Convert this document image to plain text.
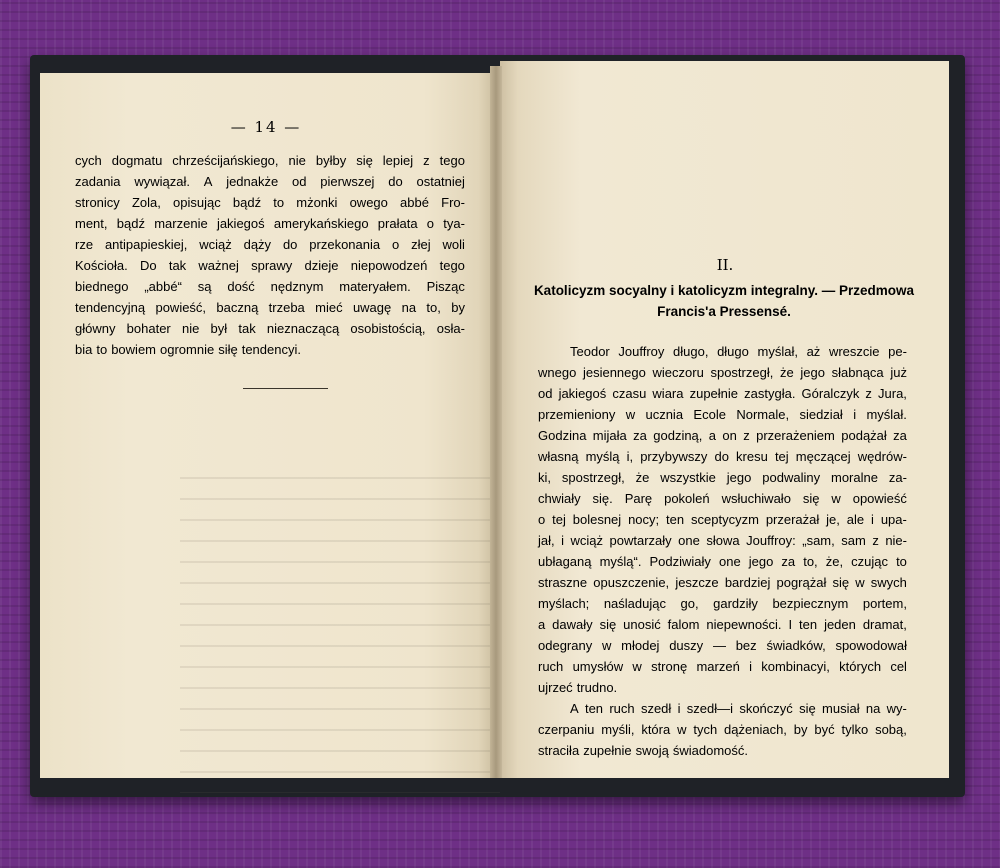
— 14 —
cych dogmatu chrześcijańskiego, nie byłby się lepiej z tego
zadania wywiązał. A jednakże od pierwszej do ostatniej
stronicy Zola, opisując bądź to mżonki owego abbé Fro-
ment, bądź marzenie jakiegoś amerykańskiego prałata o tya-
rze antipapieskiej, wciąż dąży do przekonania o złej woli
Kościoła. Do tak ważnej sprawy dzieje niepowodzeń tego
biednego „abbé“ są dość nędznym materyałem. Pisząc
tendencyjną powieść, baczną trzeba mieć uwagę na to, by
główny bohater nie był tak nieznaczącą osobistością, osła-
bia to bowiem ogromnie siłę tendencyi.
II.
Katolicyzm socyalny i katolicyzm integralny. — Przedmowa
Francis'a Pressensé.
Teodor Jouffroy długo, długo myślał, aż wreszcie pe-
wnego jesiennego wieczoru spostrzegł, że jego słabnąca już
od jakiegoś czasu wiara zupełnie zastygła. Góralczyk z Jura,
przemieniony w ucznia Ecole Normale, siedział i myślał.
Godzina mijała za godziną, a on z przerażeniem podążał za
własną myślą i, przybywszy do kresu tej męczącej wędrów-
ki, spostrzegł, że wszystkie jego podwaliny moralne za-
chwiały się. Parę pokoleń wsłuchiwało się w opowieść
o tej bolesnej nocy; ten sceptycyzm przerażał je, ale i upa-
jał, i wciąż powtarzały one słowa Jouffroy: „sam, sam z nie-
ubłaganą myślą“. Podziwiały one jego za to, że, czując to
straszne opuszczenie, jeszcze bardziej pogrążał się w swych
myślach; naśladując go, gardziły bezpiecznym portem,
a dawały się unosić falom niepewności. I ten jeden dramat,
odegrany w młodej duszy — bez świadków, spowodował
ruch umysłów w stronę marzeń i kombinacyi, których cel
ujrzeć trudno.
A ten ruch szedł i szedł—i skończyć się musiał na wy-
czerpaniu myśli, która w tych dążeniach, by być tylko sobą,
straciła zupełnie swoją świadomość.
